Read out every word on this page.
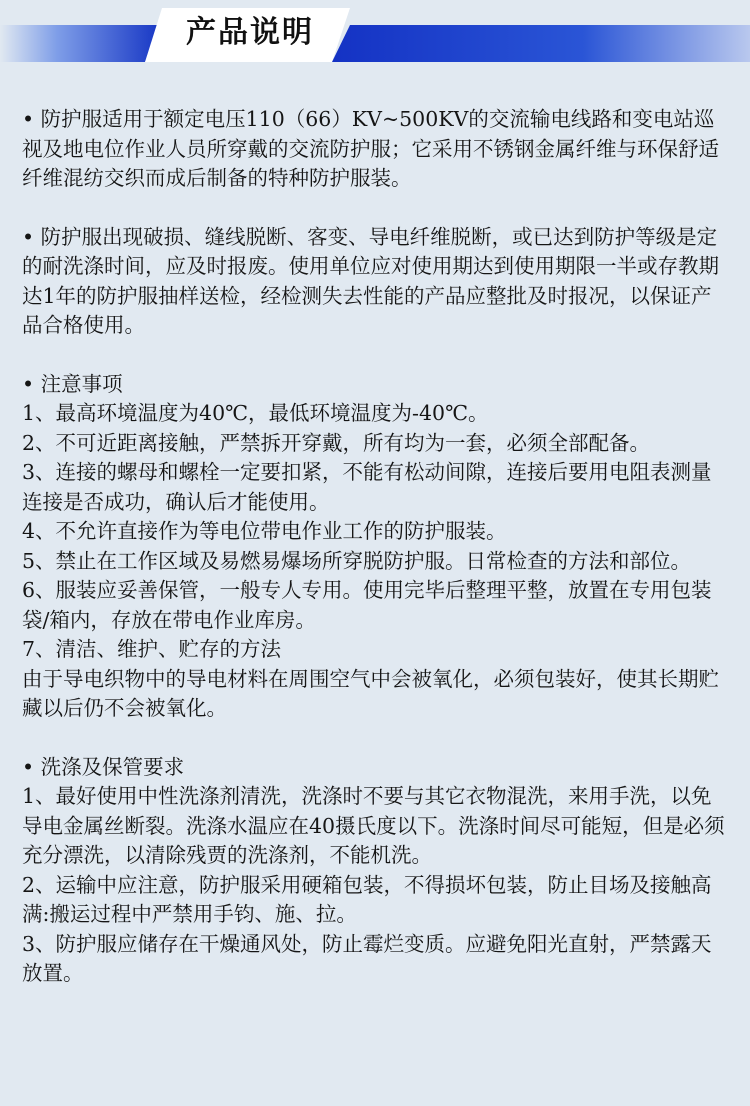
产品说明

• 防护服适用于额定电压110（66）KV~500KV的交流输电线路和变电站巡视及地电位作业人员所穿戴的交流防护服；它采用不锈钢金属纤维与环保舒适纤维混纺交织而成后制备的特种防护服装。

• 防护服出现破损、缝线脱断、客变、导电纤维脱断，或已达到防护等级是定的耐洗涤时间，应及时报废。使用单位应对使用期达到使用期限一半或存教期达1年的防护服抽样送检，经检测失去性能的产品应整批及时报况，以保证产品合格使用。

• 注意事项

1、最高环境温度为40℃，最低环境温度为-40℃。

2、不可近距离接触，严禁拆开穿戴，所有均为一套，必须全部配备。

3、连接的螺母和螺栓一定要扣紧，不能有松动间隙，连接后要用电阻表测量连接是否成功，确认后才能使用。

4、不允许直接作为等电位带电作业工作的防护服装。

5、禁止在工作区域及易燃易爆场所穿脱防护服。日常检查的方法和部位。

6、服装应妥善保管，一般专人专用。使用完毕后整理平整，放置在专用包装袋/箱内，存放在带电作业库房。

7、清洁、维护、贮存的方法

由于导电织物中的导电材料在周围空气中会被氧化，必须包装好，使其长期贮藏以后仍不会被氧化。

• 洗涤及保管要求

1、最好使用中性洗涤剂清洗，洗涤时不要与其它衣物混洗，来用手洗，以免导电金属丝断裂。洗涤水温应在40摄氏度以下。洗涤时间尽可能短，但是必须充分漂洗，以清除残贾的洗涤剂，不能机洗。

2、运输中应注意，防护服采用硬箱包装，不得损坏包装，防止目场及接触高满:搬运过程中严禁用手钧、施、拉。

3、防护服应储存在干燥通风处，防止霉烂变质。应避免阳光直射，严禁露天放置。
